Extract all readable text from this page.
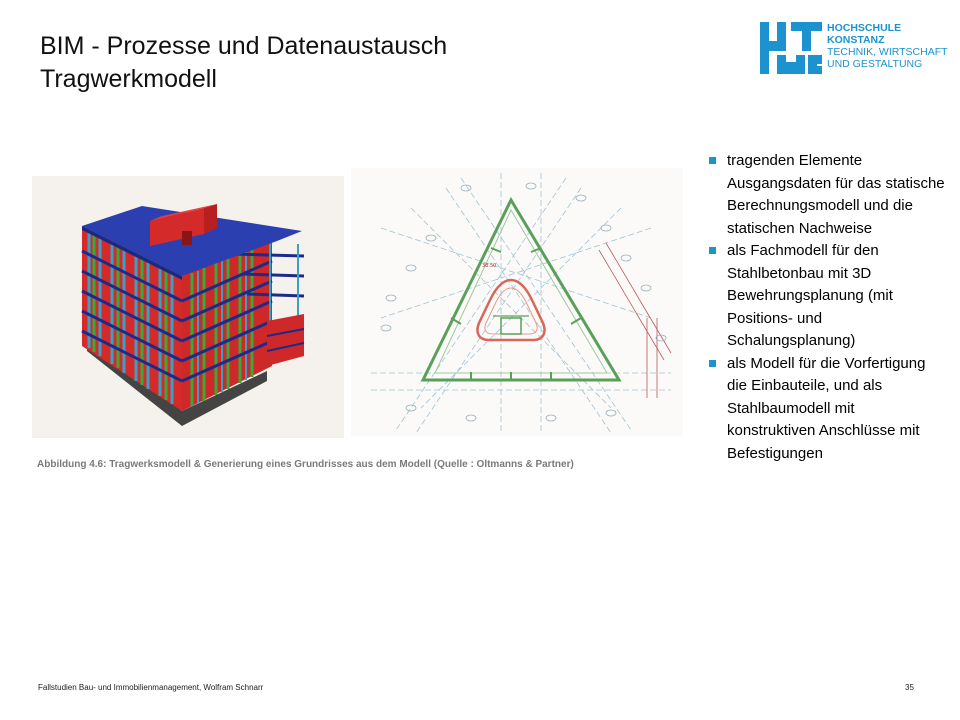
BIM - Prozesse und Datenaustausch
Tragwerkmodell
HOCHSCHULE
KONSTANZ
TECHNIK, WIRTSCHAFT
UND GESTALTUNG
38.50
Abbildung 4.6: Tragwerksmodell & Generierung eines Grundrisses aus dem Modell (Quelle : Oltmanns & Partner)
tragenden Elemente Ausgangsdaten für das statische Berechnungsmodell und die statischen Nachweise
als Fachmodell für den Stahlbetonbau mit 3D Bewehrungsplanung (mit Positions- und Schalungsplanung)
als Modell für die Vorfertigung die Einbauteile, und als Stahlbaumodell mit konstruktiven Anschlüsse mit Befestigungen
Fallstudien Bau- und Immobilienmanagement, Wolfram Schnarr	35
